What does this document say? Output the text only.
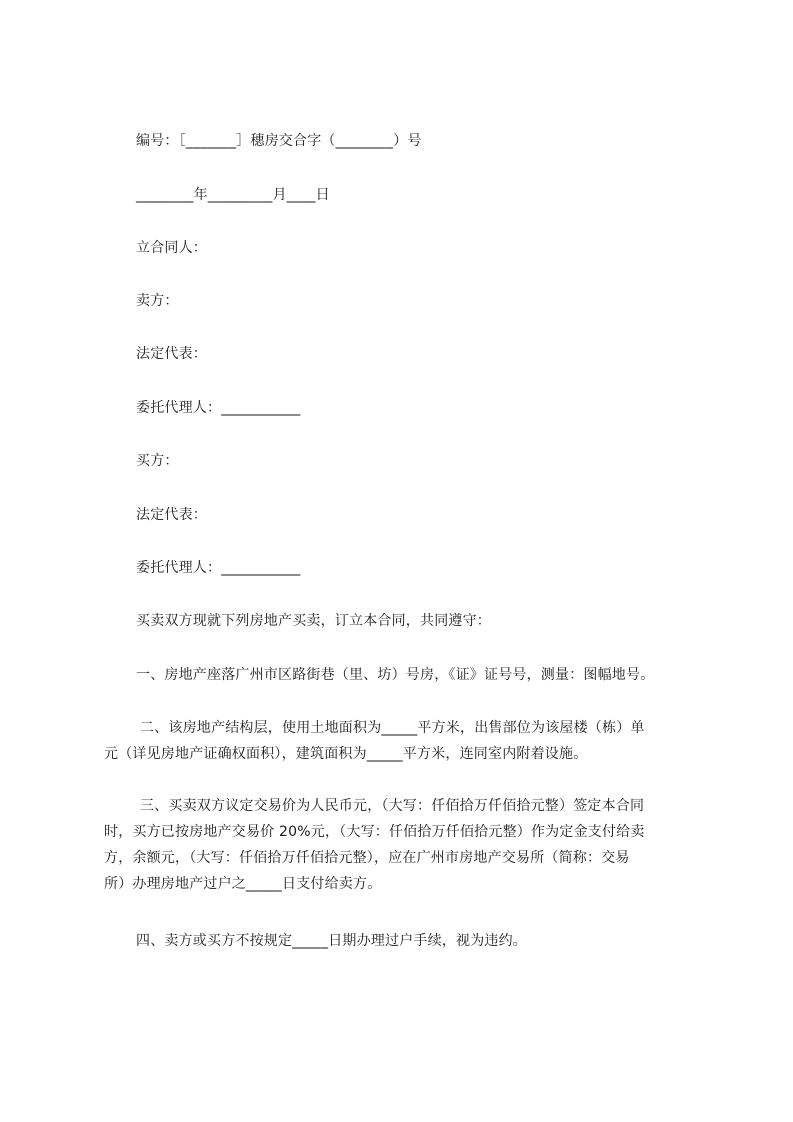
编号：［_______］穗房交合字（________）号
________年_________月____日
立合同人：
卖方：
法定代表：
委托代理人：___________
买方：
法定代表：
委托代理人：___________
买卖双方现就下列房地产买卖，订立本合同，共同遵守：
一、房地产座落广州市区路街巷（里、坊）号房，《证》证号号，测量：图幅地号。
二、该房地产结构层，使用土地面积为_____平方米，出售部位为该屋楼（栋）单
元（详见房地产证确权面积），建筑面积为_____平方米，连同室内附着设施。
三、买卖双方议定交易价为人民币元，（大写：仟佰拾万仟佰拾元整）签定本合同
时，买方已按房地产交易价 20%元，（大写：仟佰拾万仟佰拾元整）作为定金支付给卖
方，余额元，（大写：仟佰拾万仟佰拾元整），应在广州市房地产交易所（简称：交易
所）办理房地产过户之_____日支付给卖方。
四、卖方或买方不按规定_____日期办理过户手续，视为违约。
